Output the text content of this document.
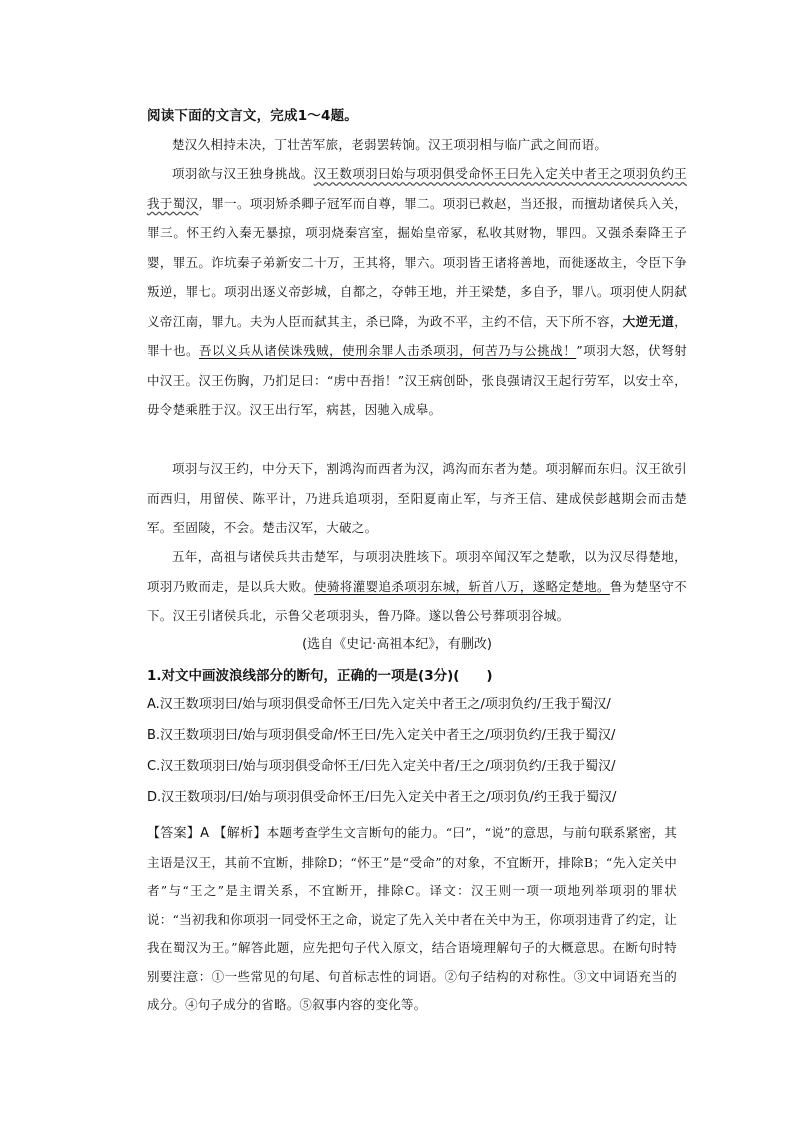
阅读下面的文言文，完成1～4题。

楚汉久相持未决，丁壮苦军旅，老弱罢转饷。汉王项羽相与临广武之间而语。

项羽欲与汉王独身挑战。汉王数项羽曰始与项羽俱受命怀王曰先入定关中者王之项羽负约王我于蜀汉，罪一。项羽矫杀卿子冠军而自尊，罪二。项羽已救赵，当还报，而擅劫诸侯兵入关，罪三。怀王约入秦无暴掠，项羽烧秦宫室，掘始皇帝冢，私收其财物，罪四。又强杀秦降王子婴，罪五。诈坑秦子弟新安二十万，王其将，罪六。项羽皆王诸将善地，而徙逐故主，令臣下争叛逆，罪七。项羽出逐义帝彭城，自都之，夺韩王地，并王梁楚，多自予，罪八。项羽使人阴弑义帝江南，罪九。夫为人臣而弑其主，杀已降，为政不平，主约不信，天下所不容，大逆无道，罪十也。吾以义兵从诸侯诛残贼，使刑余罪人击杀项羽，何苦乃与公挑战！”项羽大怒，伏弩射中汉王。汉王伤胸，乃扪足曰：“虏中吾指！”汉王病创卧，张良强请汉王起行劳军，以安士卒，毋令楚乘胜于汉。汉王出行军，病甚，因驰入成皋。

项羽与汉王约，中分天下，割鸿沟而西者为汉，鸿沟而东者为楚。项羽解而东归。汉王欲引而西归，用留侯、陈平计，乃进兵追项羽，至阳夏南止军，与齐王信、建成侯彭越期会而击楚军。至固陵，不会。楚击汉军，大破之。

五年，高祖与诸侯兵共击楚军，与项羽决胜垓下。项羽卒闻汉军之楚歌，以为汉尽得楚地，项羽乃败而走，是以兵大败。使骑将灌婴追杀项羽东城，斩首八万，遂略定楚地。鲁为楚坚守不下。汉王引诸侯兵北，示鲁父老项羽头，鲁乃降。遂以鲁公号葬项羽谷城。

(选自《史记·高祖本纪》，有删改)
1.对文中画波浪线部分的断句，正确的一项是(3分)(　　)
A.汉王数项羽曰/始与项羽俱受命怀王/曰先入定关中者王之/项羽负约/王我于蜀汉/
B.汉王数项羽曰/始与项羽俱受命/怀王曰/先入定关中者王之/项羽负约/王我于蜀汉/
C.汉王数项羽曰/始与项羽俱受命怀王/曰先入定关中者/王之/项羽负约/王我于蜀汉/
D.汉王数项羽/曰/始与项羽俱受命怀王/曰先入定关中者王之/项羽负/约王我于蜀汉/

【答案】A 【解析】本题考查学生文言断句的能力。“曰”，“说”的意思，与前句联系紧密，其主语是汉王，其前不宜断，排除D；“怀王”是“受命”的对象，不宜断开，排除B；“先入定关中者”与“王之”是主谓关系，不宜断开，排除C。译文：汉王则一项一项地列举项羽的罪状说：“当初我和你项羽一同受怀王之命，说定了先入关中者在关中为王，你项羽违背了约定，让我在蜀汉为王。”解答此题，应先把句子代入原文，结合语境理解句子的大概意思。在断句时特别要注意：①一些常见的句尾、句首标志性的词语。②句子结构的对称性。③文中词语充当的成分。④句子成分的省略。⑤叙事内容的变化等。
